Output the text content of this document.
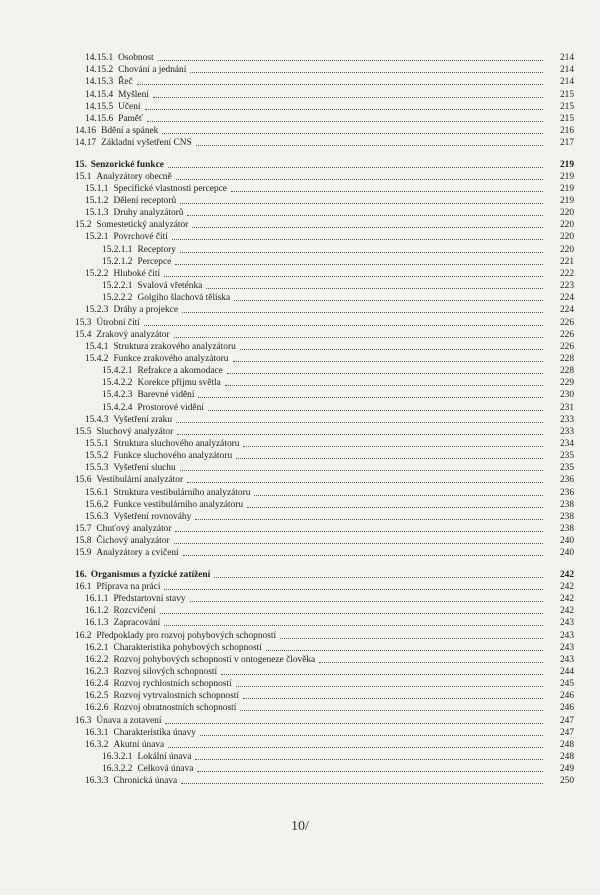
14.15.1 Osobnost	214
14.15.2 Chování a jednání	214
14.15.3 Řeč	214
14.15.4 Myšlení	215
14.15.5 Učení	215
14.15.6 Paměť	215
14.16 Bdění a spánek	216
14.17 Základní vyšetření CNS	217
15. Senzorické funkce	219
15.1 Analyzátory obecně	219
15.1.1 Specifické vlastnosti percepce	219
15.1.2 Dělení receptorů	219
15.1.3 Druhy analyzátorů	220
15.2 Somestetický analyzátor	220
15.2.1 Povrchové čití	220
15.2.1.1 Receptory	220
15.2.1.2 Percepce	221
15.2.2 Hluboké čití	222
15.2.2.1 Svalová vřeténka	223
15.2.2.2 Golgiho šlachová tělíska	224
15.2.3 Dráhy a projekce	224
15.3 Útrobní čití	226
15.4 Zrakový analyzátor	226
15.4.1 Struktura zrakového analyzátoru	226
15.4.2 Funkce zrakového analyzátoru	228
15.4.2.1 Refrakce a akomodace	228
15.4.2.2 Korekce příjmu světla	229
15.4.2.3 Barevné vidění	230
15.4.2.4 Prostorové vidění	231
15.4.3 Vyšetření zraku	233
15.5 Sluchový analyzátor	233
15.5.1 Struktura sluchového analyzátoru	234
15.5.2 Funkce sluchového analyzátoru	235
15.5.3 Vyšetření sluchu	235
15.6 Vestibulární analyzátor	236
15.6.1 Struktura vestibulárního analyzátoru	236
15.6.2 Funkce vestibulárního analyzátoru	238
15.6.3 Vyšetření rovnováhy	238
15.7 Chuťový analyzátor	238
15.8 Čichový analyzátor	240
15.9 Analyzátory a cvičení	240
16. Organismus a fyzické zatížení	242
16.1 Příprava na práci	242
16.1.1 Předstartovní stavy	242
16.1.2 Rozcvičení	242
16.1.3 Zapracování	243
16.2 Předpoklady pro rozvoj pohybových schopností	243
16.2.1 Charakteristika pohybových schopností	243
16.2.2 Rozvoj pohybových schopností v ontogeneze člověka	243
16.2.3 Rozvoj silových schopností	244
16.2.4 Rozvoj rychlostních schopností	245
16.2.5 Rozvoj vytrvalostních schopností	246
16.2.6 Rozvoj obratnostních schopností	246
16.3 Únava a zotavení	247
16.3.1 Charakteristika únavy	247
16.3.2 Akutní únava	248
16.3.2.1 Lokální únava	248
16.3.2.2 Celková únava	249
16.3.3 Chronická únava	250
10/
